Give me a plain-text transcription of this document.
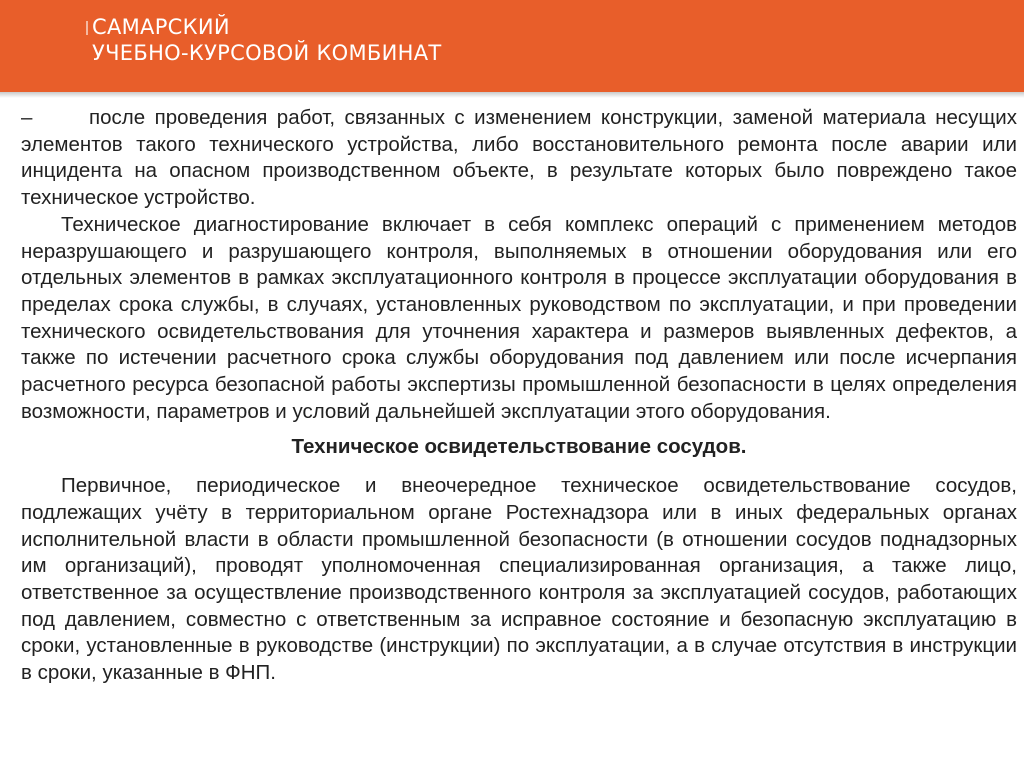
САМАРСКИЙ
УЧЕБНО-КУРСОВОЙ КОМБИНАТ

–      после проведения работ, связанных с изменением конструкции, заменой материала несущих элементов такого технического устройства, либо восстановительного ремонта после аварии или инцидента на опасном производственном объекте, в результате которых было повреждено такое техническое устройство.

Техническое диагностирование включает в себя комплекс операций с применением методов неразрушающего и разрушающего контроля, выполняемых в отношении оборудования или его отдельных элементов в рамках эксплуатационного контроля в процессе эксплуатации оборудования в пределах срока службы, в случаях, установленных руководством по эксплуатации, и при проведении технического освидетельствования для уточнения характера и размеров выявленных дефектов, а также по истечении расчетного срока службы оборудования под давлением или после исчерпания расчетного ресурса безопасной работы экспертизы промышленной безопасности в целях определения возможности, параметров и условий дальнейшей эксплуатации этого оборудования.

Техническое освидетельствование сосудов.

Первичное, периодическое и внеочередное техническое освидетельствование сосудов, подлежащих учёту в территориальном органе Ростехнадзора или в иных федеральных органах исполнительной власти в области промышленной безопасности (в отношении сосудов поднадзорных им организаций), проводят уполномоченная специализированная организация, а также лицо, ответственное за осуществление производственного контроля за эксплуатацией сосудов, работающих под давлением, совместно с ответственным за исправное состояние и безопасную эксплуатацию в сроки, установленные в руководстве (инструкции) по эксплуатации, а в случае отсутствия в инструкции в сроки, указанные в ФНП.
